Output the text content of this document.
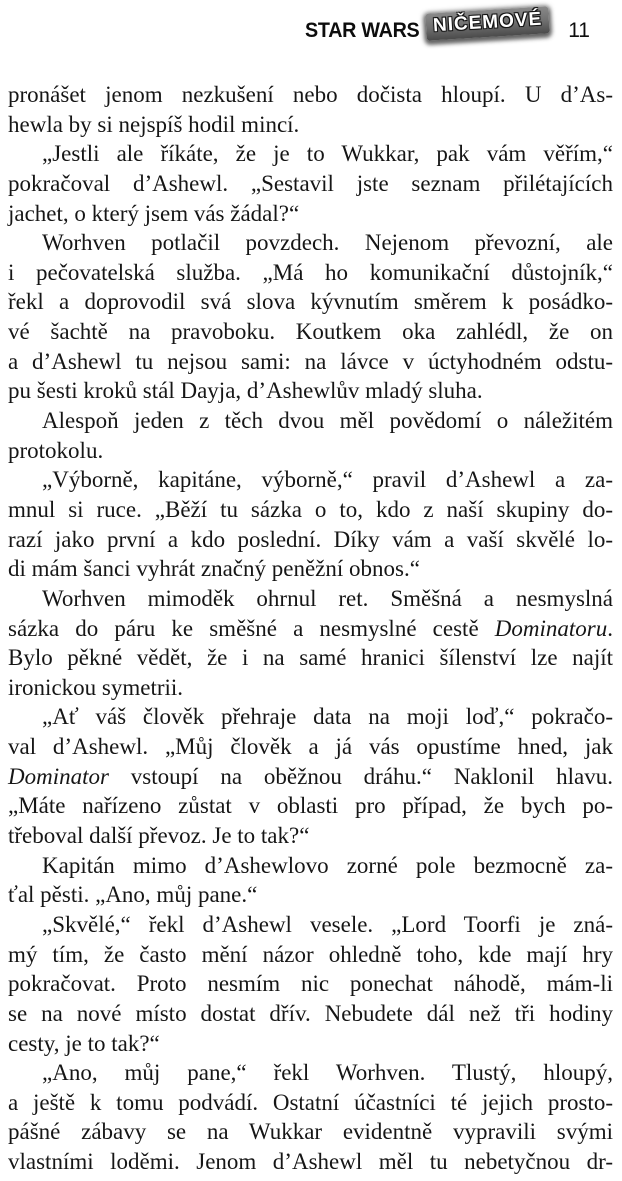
STAR WARS NIČEMOVÉ	11
pronášet jenom nezkušení nebo dočista hloupí. U d’As-
hewla by si nejspíš hodil mincí.
„Jestli ale říkáte, že je to Wukkar, pak vám věřím,“
pokračoval d’Ashewl. „Sestavil jste seznam přilétajících
jachet, o který jsem vás žádal?“
Worhven potlačil povzdech. Nejenom převozní, ale
i pečovatelská služba. „Má ho komunikační důstojník,“
řekl a doprovodil svá slova kývnutím směrem k posádko-
vé šachtě na pravoboku. Koutkem oka zahlédl, že on
a d’Ashewl tu nejsou sami: na lávce v úctyhodném odstu-
pu šesti kroků stál Dayja, d’Ashewlův mladý sluha.
Alespoň jeden z těch dvou měl povědomí o náležitém
protokolu.
„Výborně, kapitáne, výborně,“ pravil d’Ashewl a za-
mnul si ruce. „Běží tu sázka o to, kdo z naší skupiny do-
razí jako první a kdo poslední. Díky vám a vaší skvělé lo-
di mám šanci vyhrát značný peněžní obnos.“
Worhven mimoděk ohrnul ret. Směšná a nesmyslná
sázka do páru ke směšné a nesmyslné cestě Dominatoru.
Bylo pěkné vědět, že i na samé hranici šílenství lze najít
ironickou symetrii.
„Ať váš člověk přehraje data na moji loď,“ pokračo-
val d’Ashewl. „Můj člověk a já vás opustíme hned, jak
Dominator vstoupí na oběžnou dráhu.“ Naklonil hlavu.
„Máte nařízeno zůstat v oblasti pro případ, že bych po-
třeboval další převoz. Je to tak?“
Kapitán mimo d’Ashewlovo zorné pole bezmocně za-
ťal pěsti. „Ano, můj pane.“
„Skvělé,“ řekl d’Ashewl vesele. „Lord Toorfi je zná-
mý tím, že často mění názor ohledně toho, kde mají hry
pokračovat. Proto nesmím nic ponechat náhodě, mám-li
se na nové místo dostat dřív. Nebudete dál než tři hodiny
cesty, je to tak?“
„Ano, můj pane,“ řekl Worhven. Tlustý, hloupý,
a ještě k tomu podvádí. Ostatní účastníci té jejich prosto-
pášné zábavy se na Wukkar evidentně vypravili svými
vlastními loděmi. Jenom d’Ashewl měl tu nebetyčnou dr-
